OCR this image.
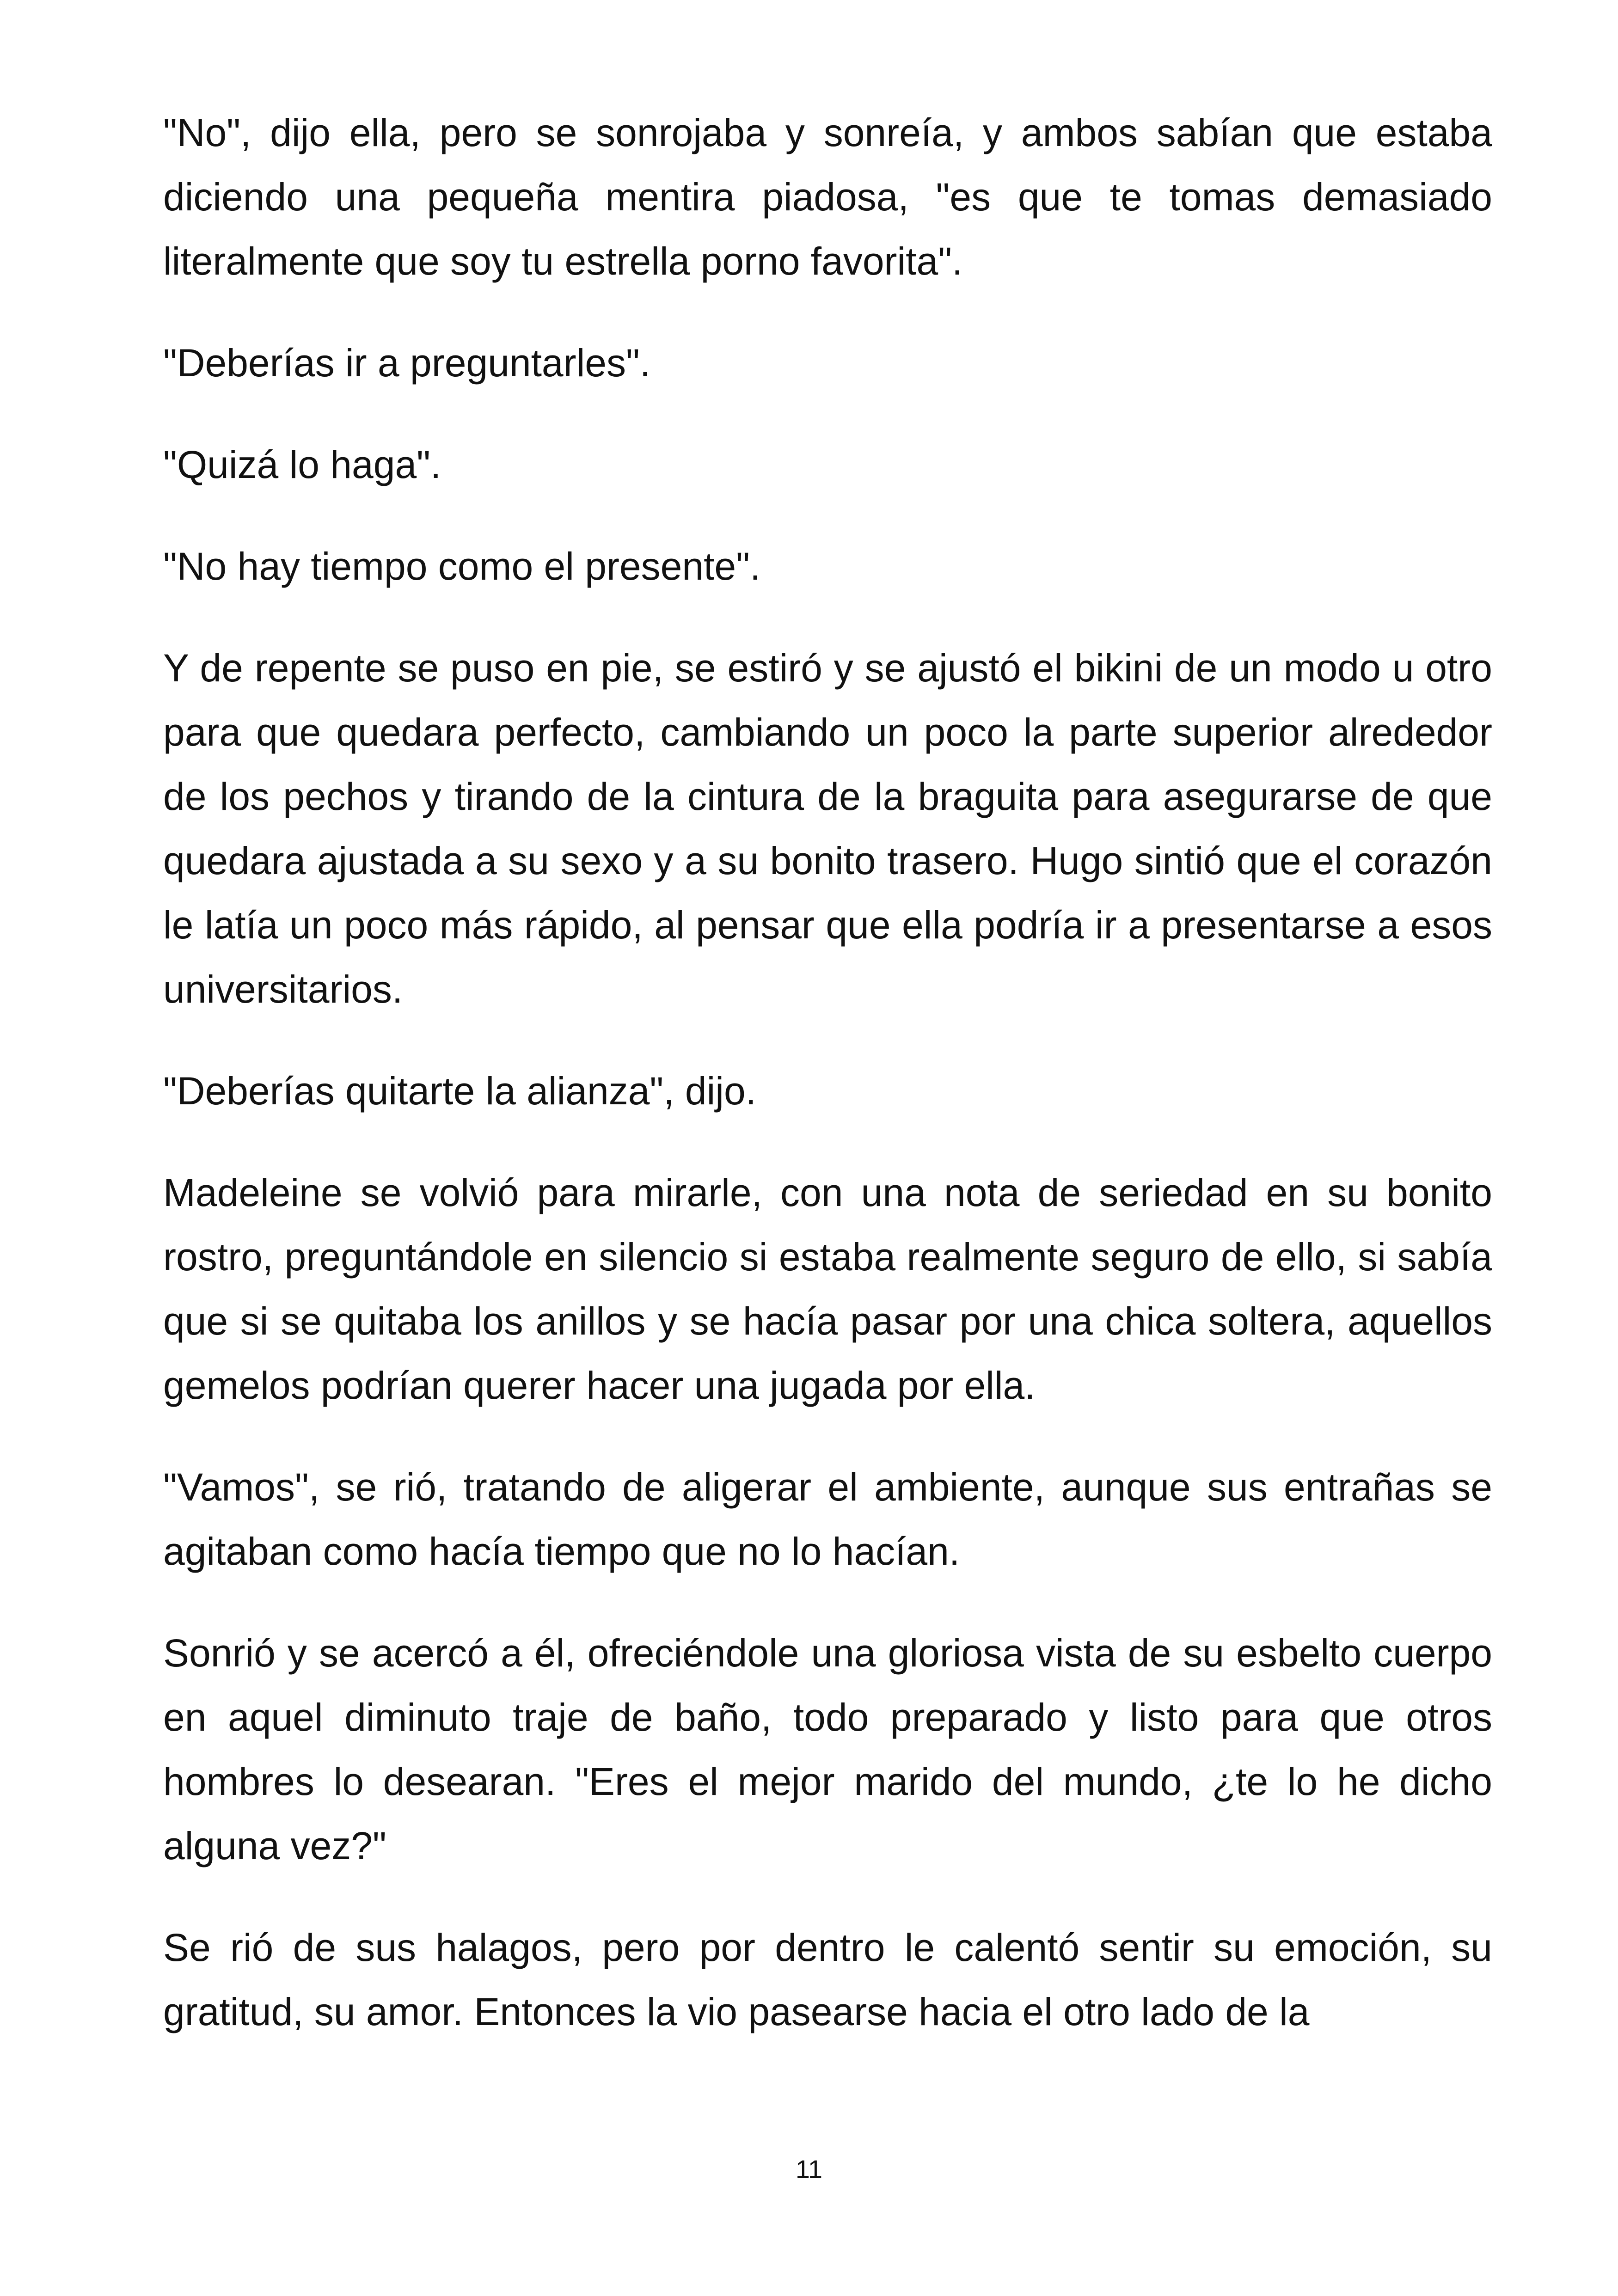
"No", dijo ella, pero se sonrojaba y sonreía, y ambos sabían que estaba diciendo una pequeña mentira piadosa, "es que te tomas demasiado literalmente que soy tu estrella porno favorita".

"Deberías ir a preguntarles".

"Quizá lo haga".

"No hay tiempo como el presente".

Y de repente se puso en pie, se estiró y se ajustó el bikini de un modo u otro para que quedara perfecto, cambiando un poco la parte superior alrededor de los pechos y tirando de la cintura de la braguita para asegurarse de que quedara ajustada a su sexo y a su bonito trasero. Hugo sintió que el corazón le latía un poco más rápido, al pensar que ella podría ir a presentarse a esos universitarios.

"Deberías quitarte la alianza", dijo.

Madeleine se volvió para mirarle, con una nota de seriedad en su bonito rostro, preguntándole en silencio si estaba realmente seguro de ello, si sabía que si se quitaba los anillos y se hacía pasar por una chica soltera, aquellos gemelos podrían querer hacer una jugada por ella.

"Vamos", se rió, tratando de aligerar el ambiente, aunque sus entrañas se agitaban como hacía tiempo que no lo hacían.

Sonrió y se acercó a él, ofreciéndole una gloriosa vista de su esbelto cuerpo en aquel diminuto traje de baño, todo preparado y listo para que otros hombres lo desearan. "Eres el mejor marido del mundo, ¿te lo he dicho alguna vez?"

Se rió de sus halagos, pero por dentro le calentó sentir su emoción, su gratitud, su amor. Entonces la vio pasearse hacia el otro lado de la

11
